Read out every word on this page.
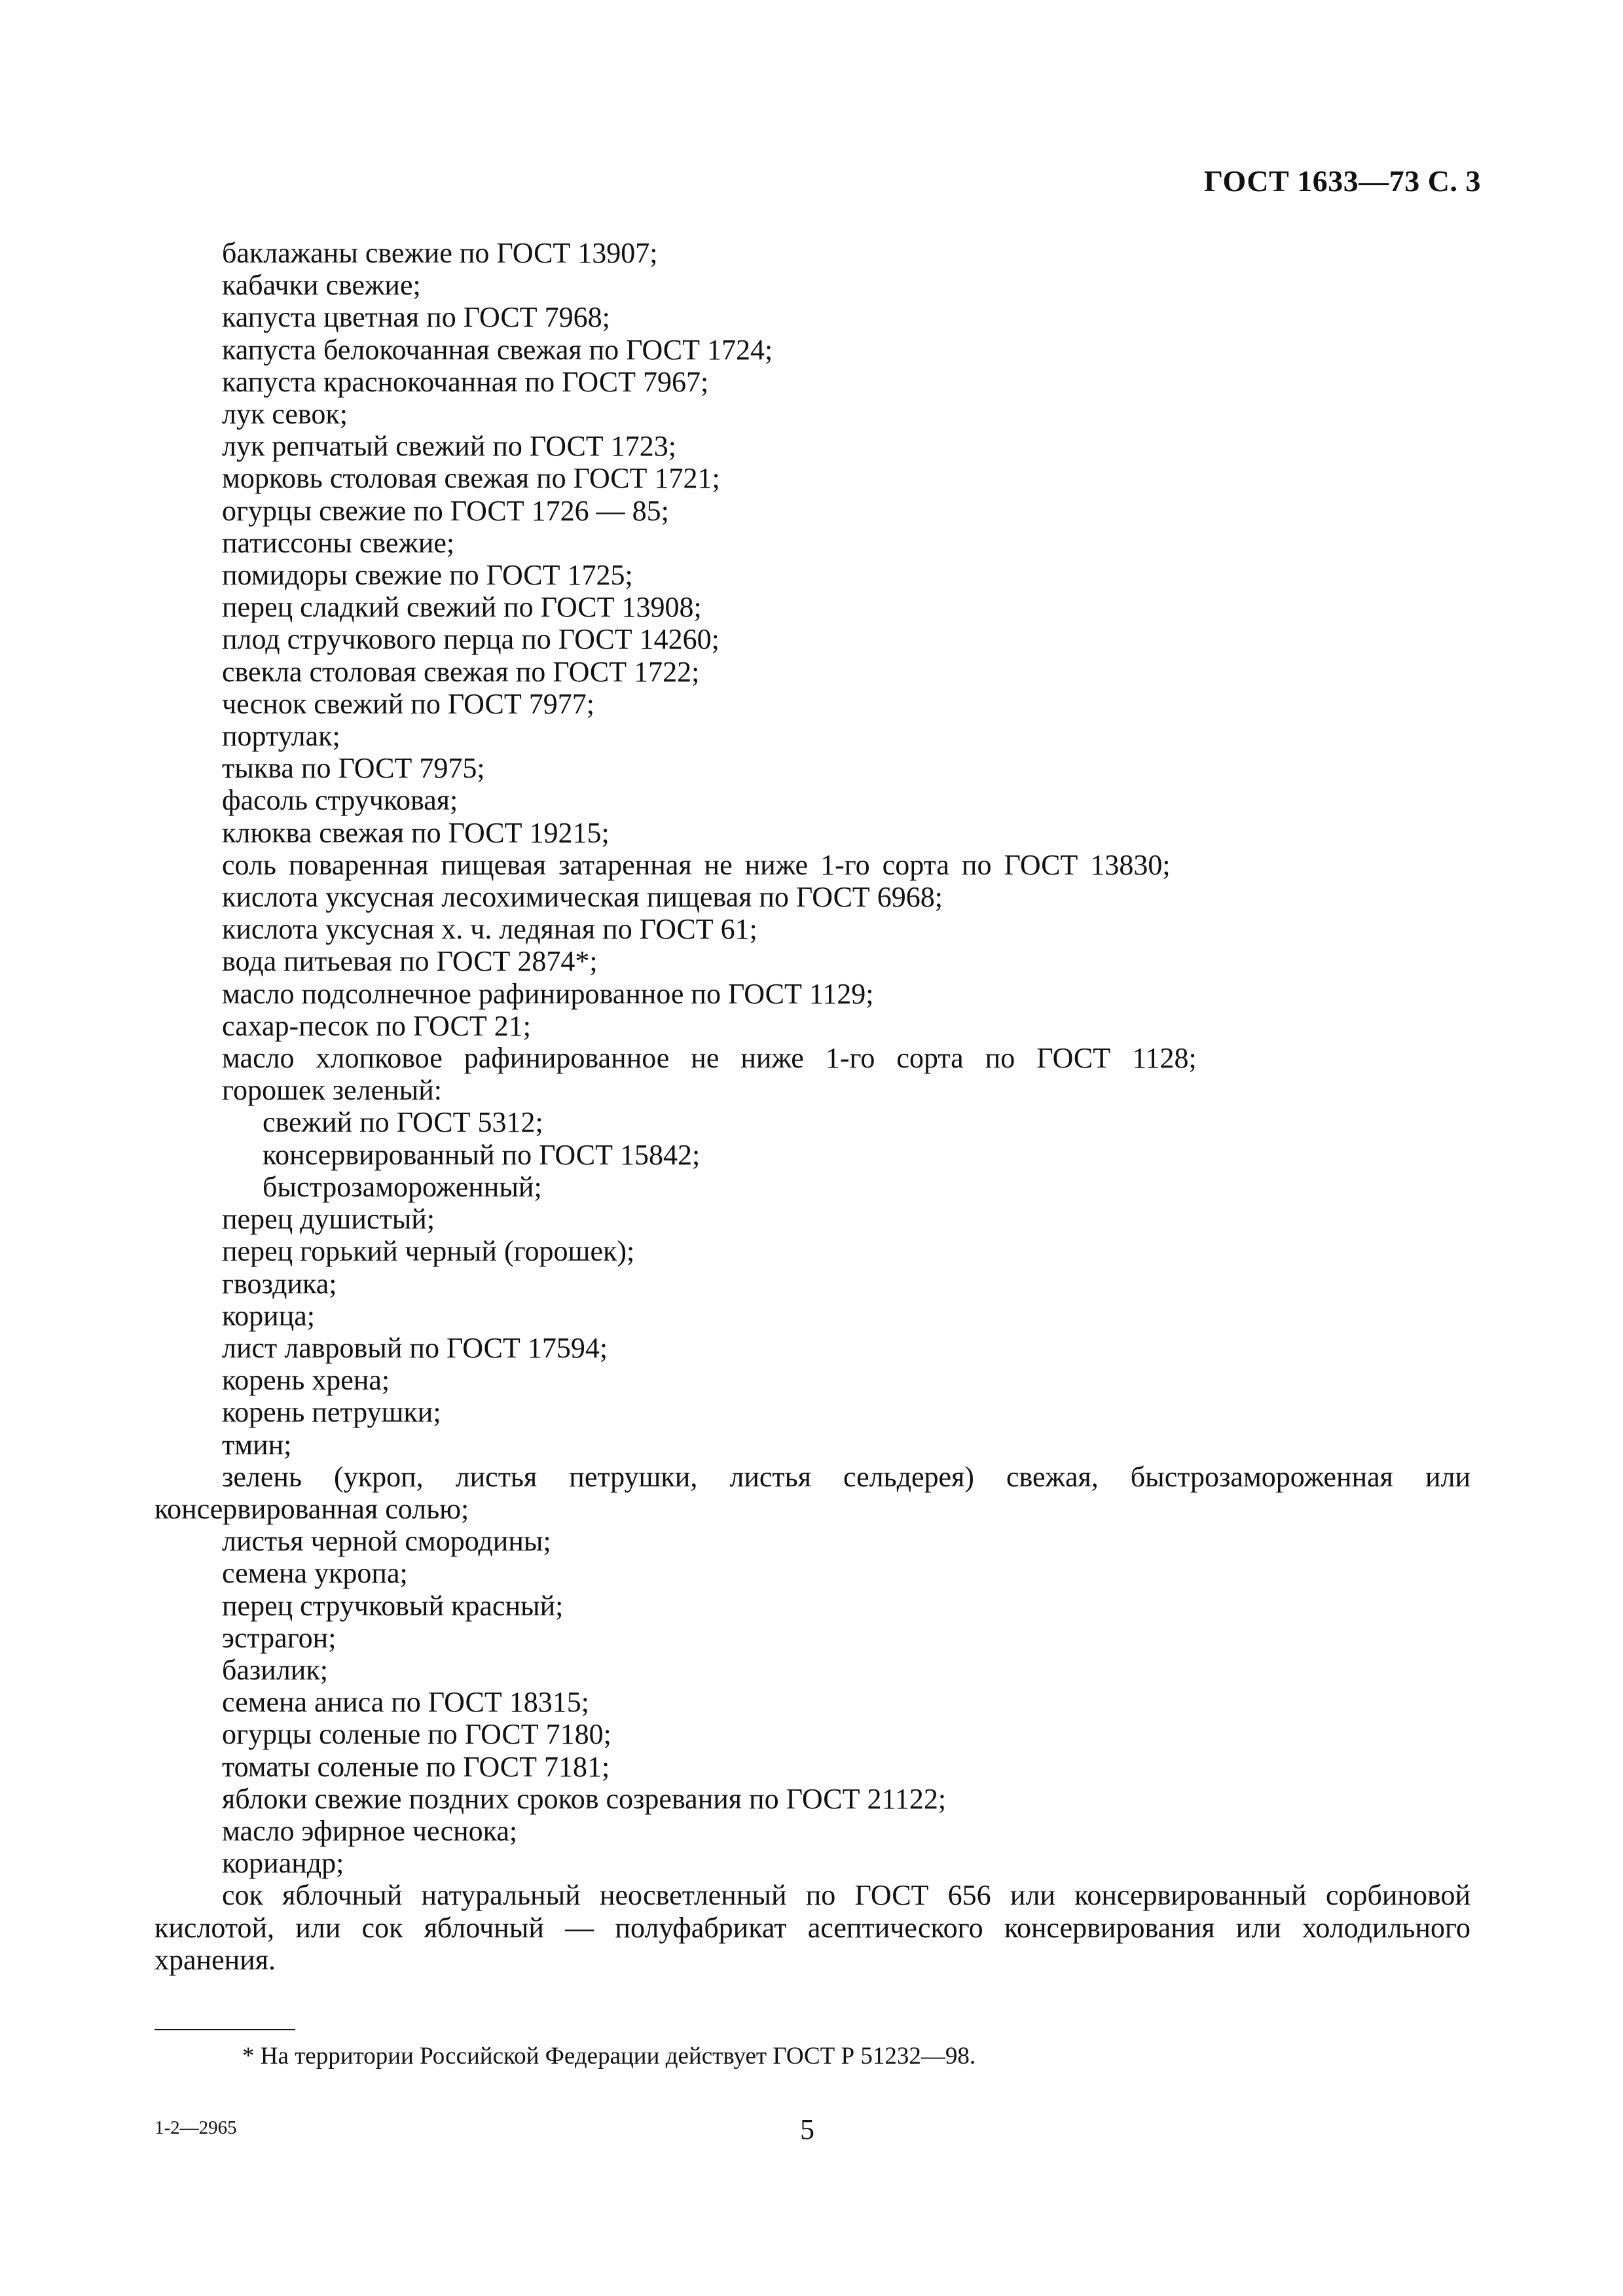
ГОСТ 1633—73 С. 3
баклажаны свежие по ГОСТ 13907;
кабачки свежие;
капуста цветная по ГОСТ 7968;
капуста белокочанная свежая по ГОСТ 1724;
капуста краснокочанная по ГОСТ 7967;
лук севок;
лук репчатый свежий по ГОСТ 1723;
морковь столовая свежая по ГОСТ 1721;
огурцы свежие по ГОСТ 1726 — 85;
патиссоны свежие;
помидоры свежие по ГОСТ 1725;
перец сладкий свежий по ГОСТ 13908;
плод стручкового перца по ГОСТ 14260;
свекла столовая свежая по ГОСТ 1722;
чеснок свежий по ГОСТ 7977;
портулак;
тыква по ГОСТ 7975;
фасоль стручковая;
клюква свежая по ГОСТ 19215;
соль поваренная пищевая затаренная не ниже 1-го сорта по ГОСТ 13830;
кислота уксусная лесохимическая пищевая по ГОСТ 6968;
кислота уксусная х. ч. ледяная по ГОСТ 61;
вода питьевая по ГОСТ 2874*;
масло подсолнечное рафинированное по ГОСТ 1129;
сахар-песок по ГОСТ 21;
масло хлопковое рафинированное не ниже 1-го сорта по ГОСТ 1128;
горошек зеленый:
свежий по ГОСТ 5312;
консервированный по ГОСТ 15842;
быстрозамороженный;
перец душистый;
перец горький черный (горошек);
гвоздика;
корица;
лист лавровый по ГОСТ 17594;
корень хрена;
корень петрушки;
тмин;
зелень (укроп, листья петрушки, листья сельдерея) свежая, быстрозамороженная или консервированная солью;
листья черной смородины;
семена укропа;
перец стручковый красный;
эстрагон;
базилик;
семена аниса по ГОСТ 18315;
огурцы соленые по ГОСТ 7180;
томаты соленые по ГОСТ 7181;
яблоки свежие поздних сроков созревания по ГОСТ 21122;
масло эфирное чеснока;
кориандр;
сок яблочный натуральный неосветленный по ГОСТ 656 или консервированный сорбиновой кислотой, или сок яблочный — полуфабрикат асептического консервирования или холодильного хранения.
* На территории Российской Федерации действует ГОСТ Р 51232—98.
1-2—2965	5
